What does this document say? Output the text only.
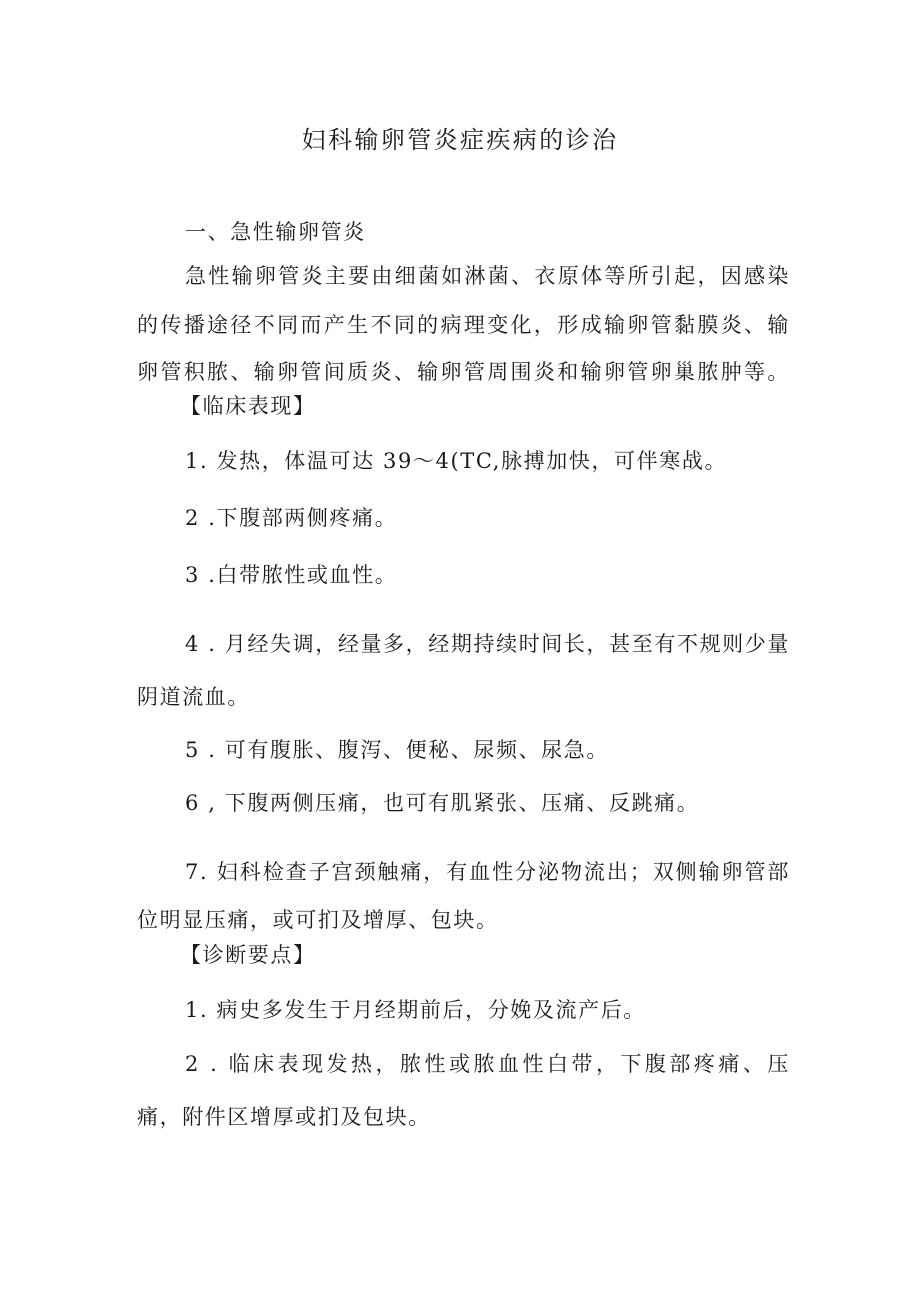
妇科输卵管炎症疾病的诊治
一、急性输卵管炎
急性输卵管炎主要由细菌如淋菌、衣原体等所引起，因感染
的传播途径不同而产生不同的病理变化，形成输卵管黏膜炎、输
卵管积脓、输卵管间质炎、输卵管周围炎和输卵管卵巢脓肿等。
【临床表现】
1. 发热，体温可达 39～4(TC,脉搏加快，可伴寒战。
2 .下腹部两侧疼痛。
3 .白带脓性或血性。
4 . 月经失调，经量多，经期持续时间长，甚至有不规则少量
阴道流血。
5 . 可有腹胀、腹泻、便秘、尿频、尿急。
6 , 下腹两侧压痛，也可有肌紧张、压痛、反跳痛。
7. 妇科检查子宫颈触痛，有血性分泌物流出；双侧输卵管部
位明显压痛，或可扪及增厚、包块。
【诊断要点】
1. 病史多发生于月经期前后，分娩及流产后。
2 . 临床表现发热，脓性或脓血性白带，下腹部疼痛、压
痛，附件区增厚或扪及包块。
